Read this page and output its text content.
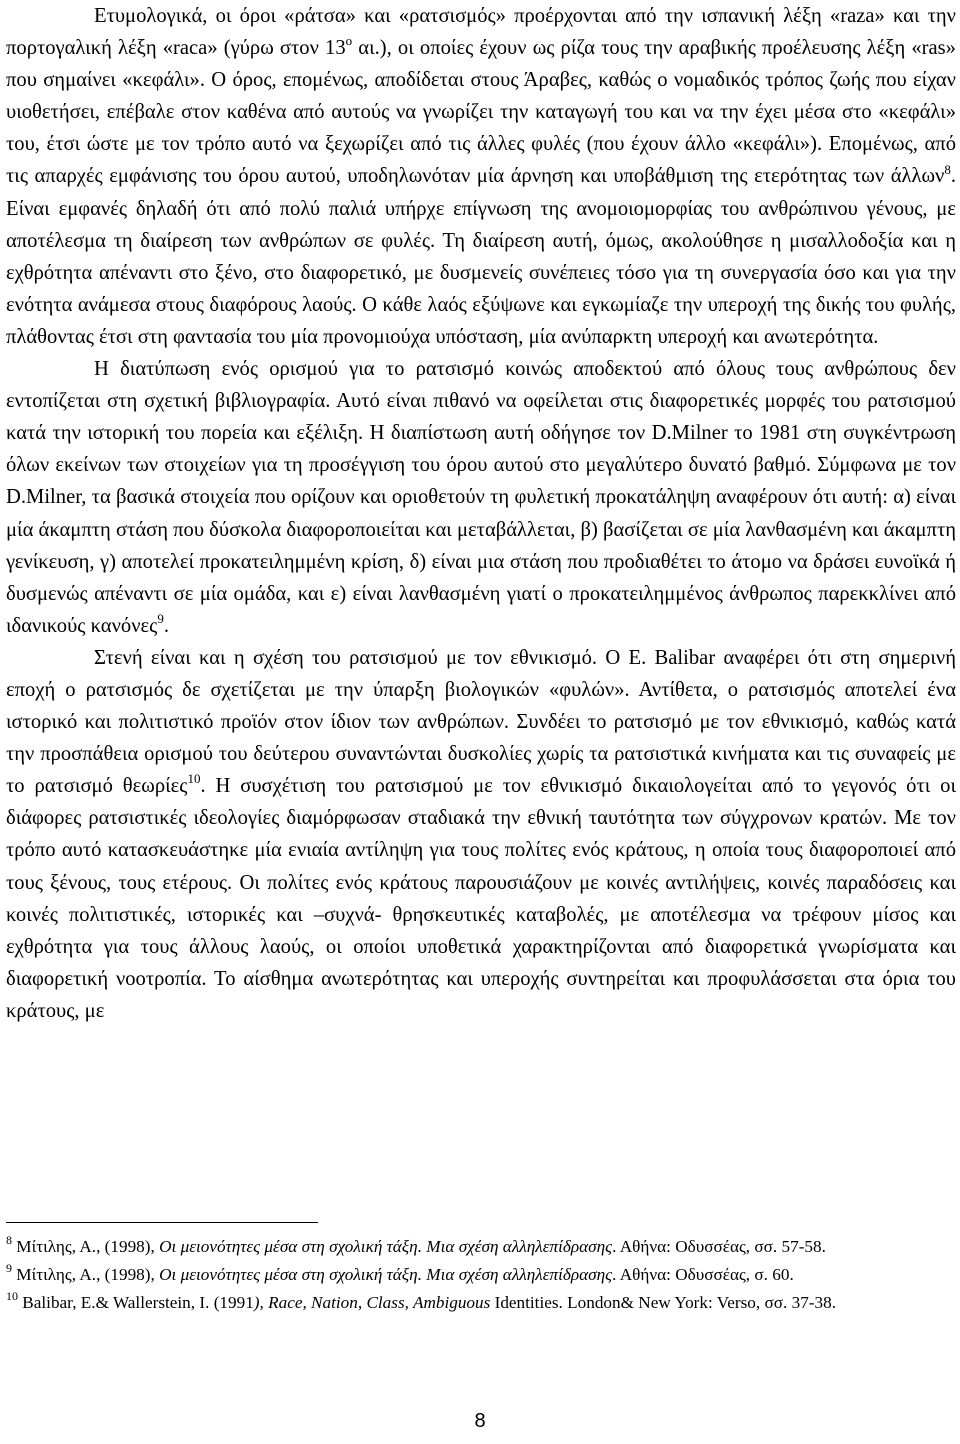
Ετυμολογικά, οι όροι «ράτσα» και «ρατσισμός» προέρχονται από την ισπανική λέξη «raza» και την πορτογαλική λέξη «raca» (γύρω στον $13^o$ αι.), οι οποίες έχουν ως ρίζα τους την αραβικής προέλευσης λέξη «ras» που σημαίνει «κεφάλι». Ο όρος, επομένως, αποδίδεται στους Άραβες, καθώς ο νομαδικός τρόπος ζωής που είχαν υιοθετήσει, επέβαλε στον καθένα από αυτούς να γνωρίζει την καταγωγή του και να την έχει μέσα στο «κεφάλι» του, έτσι ώστε με τον τρόπο αυτό να ξεχωρίζει από τις άλλες φυλές (που έχουν άλλο «κεφάλι»). Επομένως, από τις απαρχές εμφάνισης του όρου αυτού, υποδηλωνόταν μία άρνηση και υποβάθμιση της ετερότητας των άλλων$^8$. Είναι εμφανές δηλαδή ότι από πολύ παλιά υπήρχε επίγνωση της ανομοιομορφίας του ανθρώπινου γένους, με αποτέλεσμα τη διαίρεση των ανθρώπων σε φυλές. Τη διαίρεση αυτή, όμως, ακολούθησε η μισαλλοδοξία και η εχθρότητα απέναντι στο ξένο, στο διαφορετικό, με δυσμενείς συνέπειες τόσο για τη συνεργασία όσο και για την ενότητα ανάμεσα στους διαφόρους λαούς. Ο κάθε λαός εξύψωνε και εγκωμίαζε την υπεροχή της δικής του φυλής, πλάθοντας έτσι στη φαντασία του μία προνομιούχα υπόσταση, μία ανύπαρκτη υπεροχή και ανωτερότητα.

Η διατύπωση ενός ορισμού για το ρατσισμό κοινώς αποδεκτού από όλους τους ανθρώπους δεν εντοπίζεται στη σχετική βιβλιογραφία. Αυτό είναι πιθανό να οφείλεται στις διαφορετικές μορφές του ρατσισμού κατά την ιστορική του πορεία και εξέλιξη. Η διαπίστωση αυτή οδήγησε τον D.Milner το 1981 στη συγκέντρωση όλων εκείνων των στοιχείων για τη προσέγγιση του όρου αυτού στο μεγαλύτερο δυνατό βαθμό. Σύμφωνα με τον D.Milner, τα βασικά στοιχεία που ορίζουν και οριοθετούν τη φυλετική προκατάληψη αναφέρουν ότι αυτή: α) είναι μία άκαμπτη στάση που δύσκολα διαφοροποιείται και μεταβάλλεται, β) βασίζεται σε μία λανθασμένη και άκαμπτη γενίκευση, γ) αποτελεί προκατειλημμένη κρίση, δ) είναι μια στάση που προδιαθέτει το άτομο να δράσει ευνοϊκά ή δυσμενώς απέναντι σε μία ομάδα, και ε) είναι λανθασμένη γιατί ο προκατειλημμένος άνθρωπος παρεκκλίνει από ιδανικούς κανόνες$^9$.

Στενή είναι και η σχέση του ρατσισμού με τον εθνικισμό. Ο E. Balibar αναφέρει ότι στη σημερινή εποχή ο ρατσισμός δε σχετίζεται με την ύπαρξη βιολογικών «φυλών». Αντίθετα, ο ρατσισμός αποτελεί ένα ιστορικό και πολιτιστικό προϊόν στον ίδιον των ανθρώπων. Συνδέει το ρατσισμό με τον εθνικισμό, καθώς κατά την προσπάθεια ορισμού του δεύτερου συναντώνται δυσκολίες χωρίς τα ρατσιστικά κινήματα και τις συναφείς με το ρατσισμό θεωρίες$^{10}$. Η συσχέτιση του ρατσισμού με τον εθνικισμό δικαιολογείται από το γεγονός ότι οι διάφορες ρατσιστικές ιδεολογίες διαμόρφωσαν σταδιακά την εθνική ταυτότητα των σύγχρονων κρατών. Με τον τρόπο αυτό κατασκευάστηκε μία ενιαία αντίληψη για τους πολίτες ενός κράτους, η οποία τους διαφοροποιεί από τους ξένους, τους ετέρους. Οι πολίτες ενός κράτους παρουσιάζουν με κοινές αντιλήψεις, κοινές παραδόσεις και κοινές πολιτιστικές, ιστορικές και –συχνά- θρησκευτικές καταβολές, με αποτέλεσμα να τρέφουν μίσος και εχθρότητα για τους άλλους λαούς, οι οποίοι υποθετικά χαρακτηρίζονται από διαφορετικά γνωρίσματα και διαφορετική νοοτροπία. Το αίσθημα ανωτερότητας και υπεροχής συντηρείται και προφυλάσσεται στα όρια του κράτους, με

$^8$ Μίτιλης, Α., (1998), Οι μειονότητες μέσα στη σχολική τάξη. Μια σχέση αλληλεπίδρασης. Αθήνα: Οδυσσέας, σσ. 57-58.
$^9$ Μίτιλης, Α., (1998), Οι μειονότητες μέσα στη σχολική τάξη. Μια σχέση αλληλεπίδρασης. Αθήνα: Οδυσσέας, σ. 60.
$^{10}$ Balibar, E.& Wallerstein, I. (1991), Race, Nation, Class, Ambiguous Identities. London& New York: Verso, σσ. 37-38.
8
